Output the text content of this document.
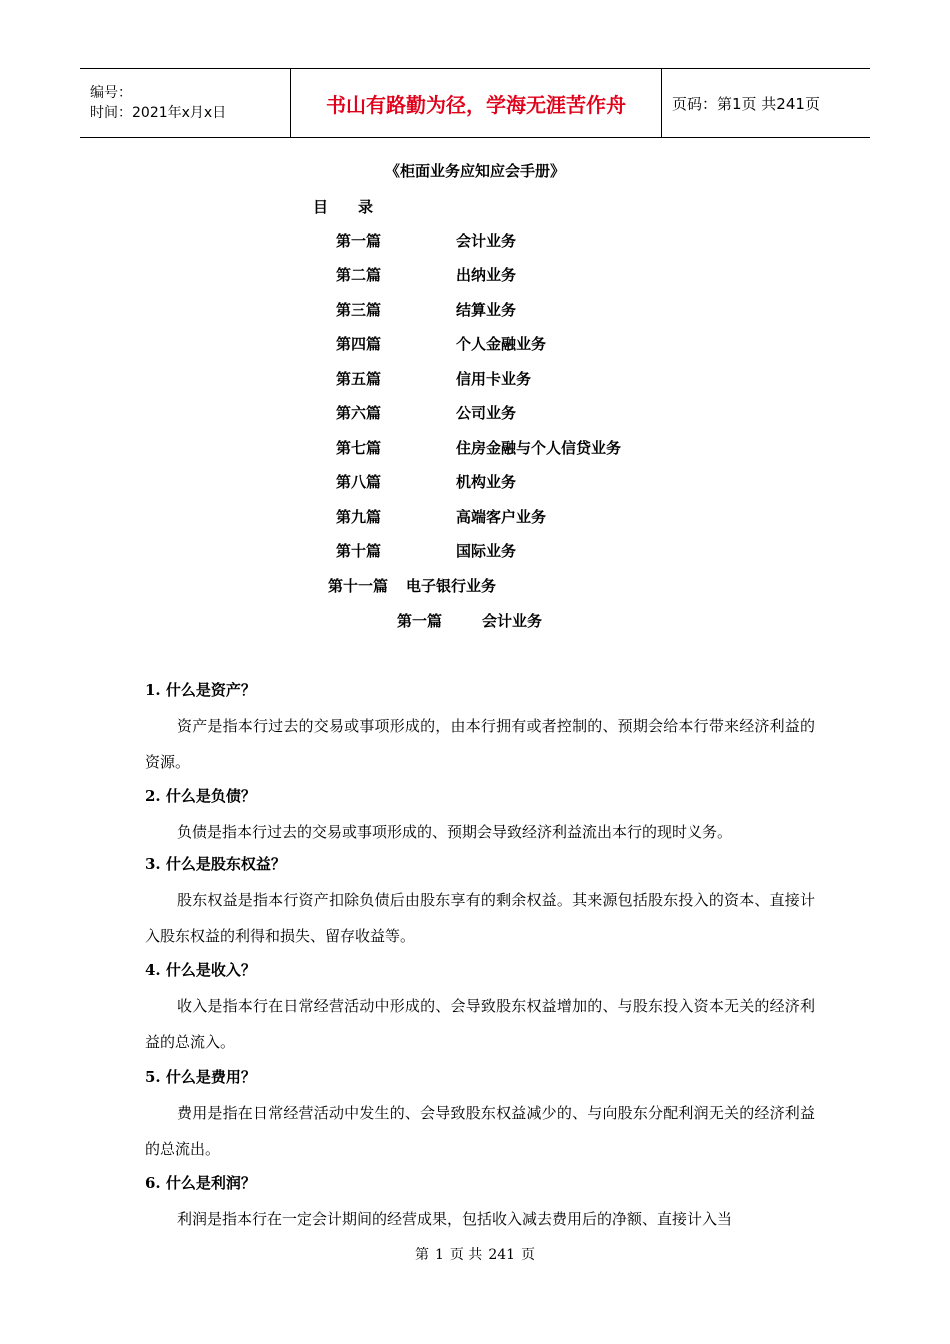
编号：
时间：2021年x月x日	书山有路勤为径，学海无涯苦作舟	页码：第1页 共241页
《柜面业务应知应会手册》
目 录
第一篇	会计业务
第二篇	出纳业务
第三篇	结算业务
第四篇	个人金融业务
第五篇	信用卡业务
第六篇	公司业务
第七篇	住房金融与个人信贷业务
第八篇	机构业务
第九篇	高端客户业务
第十篇	国际业务
第十一篇 电子银行业务
第一篇	会计业务
1. 什么是资产？
资产是指本行过去的交易或事项形成的，由本行拥有或者控制的、预期会给本行带来经济利益的资源。
2. 什么是负债？
负债是指本行过去的交易或事项形成的、预期会导致经济利益流出本行的现时义务。
3. 什么是股东权益？
股东权益是指本行资产扣除负债后由股东享有的剩余权益。其来源包括股东投入的资本、直接计入股东权益的利得和损失、留存收益等。
4. 什么是收入？
收入是指本行在日常经营活动中形成的、会导致股东权益增加的、与股东投入资本无关的经济利益的总流入。
5. 什么是费用？
费用是指在日常经营活动中发生的、会导致股东权益减少的、与向股东分配利润无关的经济利益的总流出。
6. 什么是利润？
利润是指本行在一定会计期间的经营成果，包括收入减去费用后的净额、直接计入当
第 1 页 共 241 页
